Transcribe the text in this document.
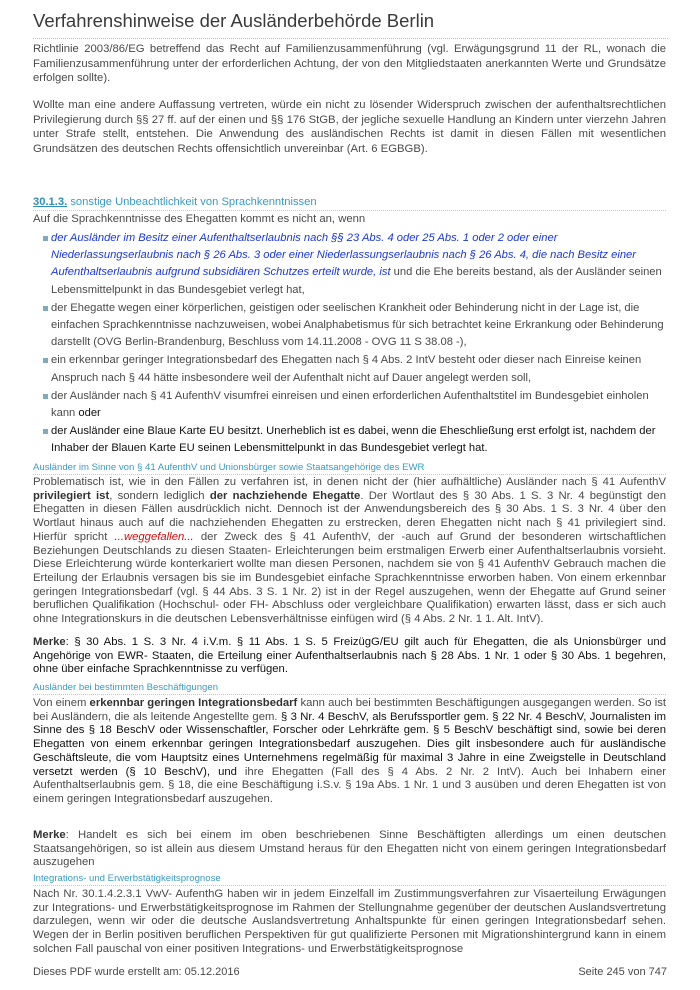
Verfahrenshinweise der Ausländerbehörde Berlin
Richtlinie 2003/86/EG betreffend das Recht auf Familienzusammenführung (vgl. Erwägungsgrund 11 der RL, wonach die Familienzusammenführung unter der erforderlichen Achtung, der von den Mitgliedstaaten anerkannten Werte und Grundsätze erfolgen sollte).
Wollte man eine andere Auffassung vertreten, würde ein nicht zu lösender Widerspruch zwischen der aufenthaltsrechtlichen Privilegierung durch §§ 27 ff. auf der einen und §§ 176 StGB, der jegliche sexuelle Handlung an Kindern unter vierzehn Jahren unter Strafe stellt, entstehen. Die Anwendung des ausländischen Rechts ist damit in diesen Fällen mit wesentlichen Grundsätzen des deutschen Rechts offensichtlich unvereinbar (Art. 6 EGBGB).
30.1.3. sonstige Unbeachtlichkeit von Sprachkenntnissen
Auf die Sprachkenntnisse des Ehegatten kommt es nicht an, wenn
der Ausländer im Besitz einer Aufenthaltserlaubnis nach §§ 23 Abs. 4 oder 25 Abs. 1 oder 2 oder einer Niederlassungserlaubnis nach § 26 Abs. 3 oder einer Niederlassungserlaubnis nach § 26 Abs. 4, die nach Besitz einer Aufenthaltserlaubnis aufgrund subsidiären Schutzes erteilt wurde, ist und die Ehe bereits bestand, als der Ausländer seinen Lebensmittelpunkt in das Bundesgebiet verlegt hat,
der Ehegatte wegen einer körperlichen, geistigen oder seelischen Krankheit oder Behinderung nicht in der Lage ist, die einfachen Sprachkenntnisse nachzuweisen, wobei Analphabetismus für sich betrachtet keine Erkrankung oder Behinderung darstellt (OVG Berlin-Brandenburg, Beschluss vom 14.11.2008 - OVG 11 S 38.08 -),
ein erkennbar geringer Integrationsbedarf des Ehegatten nach § 4 Abs. 2 IntV besteht oder dieser nach Einreise keinen Anspruch nach § 44 hätte insbesondere weil der Aufenthalt nicht auf Dauer angelegt werden soll,
der Ausländer nach § 41 AufenthV visumfrei einreisen und einen erforderlichen Aufenthaltstitel im Bundesgebiet einholen kann oder
der Ausländer eine Blaue Karte EU besitzt. Unerheblich ist es dabei, wenn die Eheschließung erst erfolgt ist, nachdem der Inhaber der Blauen Karte EU seinen Lebensmittelpunkt in das Bundesgebiet verlegt hat.
Ausländer im Sinne von § 41 AufenthV und Unionsbürger sowie Staatsangehörige des EWR
Problematisch ist, wie in den Fällen zu verfahren ist, in denen nicht der (hier aufhältliche) Ausländer nach § 41 AufenthV privilegiert ist, sondern lediglich der nachziehende Ehegatte. Der Wortlaut des § 30 Abs. 1 S. 3 Nr. 4 begünstigt den Ehegatten in diesen Fällen ausdrücklich nicht. Dennoch ist der Anwendungsbereich des § 30 Abs. 1 S. 3 Nr. 4 über den Wortlaut hinaus auch auf die nachziehenden Ehegatten zu erstrecken, deren Ehegatten nicht nach § 41 privilegiert sind. Hierfür spricht ...weggefallen... der Zweck des § 41 AufenthV, der -auch auf Grund der besonderen wirtschaftlichen Beziehungen Deutschlands zu diesen Staaten- Erleichterungen beim erstmaligen Erwerb einer Aufenthaltserlaubnis vorsieht. Diese Erleichterung würde konterkariert wollte man diesen Personen, nachdem sie von § 41 AufenthV Gebrauch machen die Erteilung der Erlaubnis versagen bis sie im Bundesgebiet einfache Sprachkenntnisse erworben haben. Von einem erkennbar geringen Integrationsbedarf (vgl. § 44 Abs. 3 S. 1 Nr. 2) ist in der Regel auszugehen, wenn der Ehegatte auf Grund seiner beruflichen Qualifikation (Hochschul- oder FH- Abschluss oder vergleichbare Qualifikation) erwarten lässt, dass er sich auch ohne Integrationskurs in die deutschen Lebensverhältnisse einfügen wird (§ 4 Abs. 2 Nr. 1 1. Alt. IntV).
Merke: § 30 Abs. 1 S. 3 Nr. 4 i.V.m. § 11 Abs. 1 S. 5 FreizügG/EU gilt auch für Ehegatten, die als Unionsbürger und Angehörige von EWR- Staaten, die Erteilung einer Aufenthaltserlaubnis nach § 28 Abs. 1 Nr. 1 oder § 30 Abs. 1 begehren, ohne über einfache Sprachkenntnisse zu verfügen.
Ausländer bei bestimmten Beschäftigungen
Von einem erkennbar geringen Integrationsbedarf kann auch bei bestimmten Beschäftigungen ausgegangen werden. So ist bei Ausländern, die als leitende Angestellte gem. § 3 Nr. 4 BeschV, als Berufssportler gem. § 22 Nr. 4 BeschV, Journalisten im Sinne des § 18 BeschV oder Wissenschaftler, Forscher oder Lehrkräfte gem. § 5 BeschV beschäftigt sind, sowie bei deren Ehegatten von einem erkennbar geringen Integrationsbedarf auszugehen. Dies gilt insbesondere auch für ausländische Geschäftsleute, die vom Hauptsitz eines Unternehmens regelmäßig für maximal 3 Jahre in eine Zweigstelle in Deutschland versetzt werden (§ 10 BeschV), und ihre Ehegatten (Fall des § 4 Abs. 2 Nr. 2 IntV). Auch bei Inhabern einer Aufenthaltserlaubnis gem. § 18, die eine Beschäftigung i.S.v. § 19a Abs. 1 Nr. 1 und 3 ausüben und deren Ehegatten ist von einem geringen Integrationsbedarf auszugehen.
Merke: Handelt es sich bei einem im oben beschriebenen Sinne Beschäftigten allerdings um einen deutschen Staatsangehörigen, so ist allein aus diesem Umstand heraus für den Ehegatten nicht von einem geringen Integrationsbedarf auszugehen
Integrations- und Erwerbstätigkeitsprognose
Nach Nr. 30.1.4.2.3.1 VwV- AufenthG haben wir in jedem Einzelfall im Zustimmungsverfahren zur Visaerteilung Erwägungen zur Integrations- und Erwerbstätigkeitsprognose im Rahmen der Stellungnahme gegenüber der deutschen Auslandsvertretung darzulegen, wenn wir oder die deutsche Auslandsvertretung Anhaltspunkte für einen geringen Integrationsbedarf sehen. Wegen der in Berlin positiven beruflichen Perspektiven für gut qualifizierte Personen mit Migrationshintergrund kann in einem solchen Fall pauschal von einer positiven Integrations- und Erwerbstätigkeitsprognose
Dieses PDF wurde erstellt am: 05.12.2016	Seite 245 von 747
